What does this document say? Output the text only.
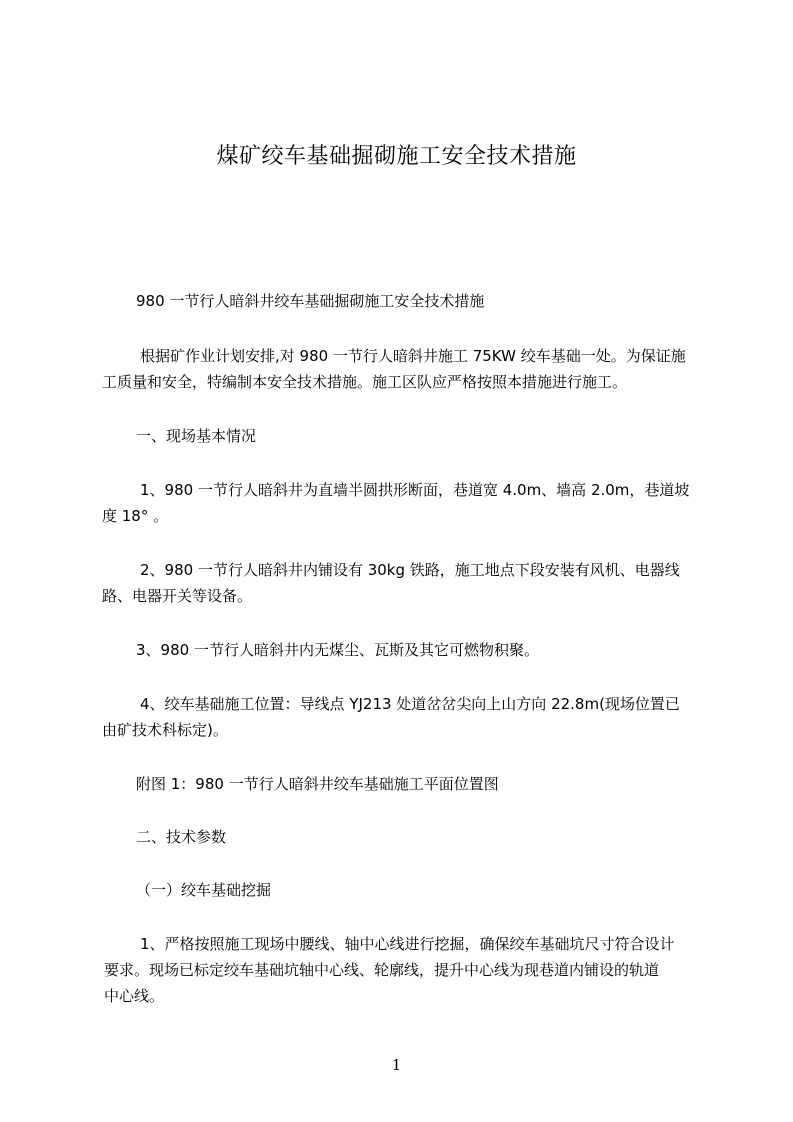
煤矿绞车基础掘砌施工安全技术措施
980 一节行人暗斜井绞车基础掘砌施工安全技术措施
根据矿作业计划安排,对 980 一节行人暗斜井施工 75KW 绞车基础一处。为保证施
工质量和安全，特编制本安全技术措施。施工区队应严格按照本措施进行施工。
一、现场基本情况
1、980 一节行人暗斜井为直墙半圆拱形断面，巷道宽 4.0m、墙高 2.0m，巷道坡
度 18° 。
2、980 一节行人暗斜井内铺设有 30kg 铁路，施工地点下段安装有风机、电器线
路、电器开关等设备。
3、980 一节行人暗斜井内无煤尘、瓦斯及其它可燃物积聚。
4、绞车基础施工位置：导线点 YJ213 处道岔岔尖向上山方向 22.8m(现场位置已
由矿技术科标定)。
附图 1：980 一节行人暗斜井绞车基础施工平面位置图
二、技术参数
（一）绞车基础挖掘
1、严格按照施工现场中腰线、轴中心线进行挖掘，确保绞车基础坑尺寸符合设计
要求。现场已标定绞车基础坑轴中心线、轮廓线，提升中心线为现巷道内铺设的轨道
中心线。
1
